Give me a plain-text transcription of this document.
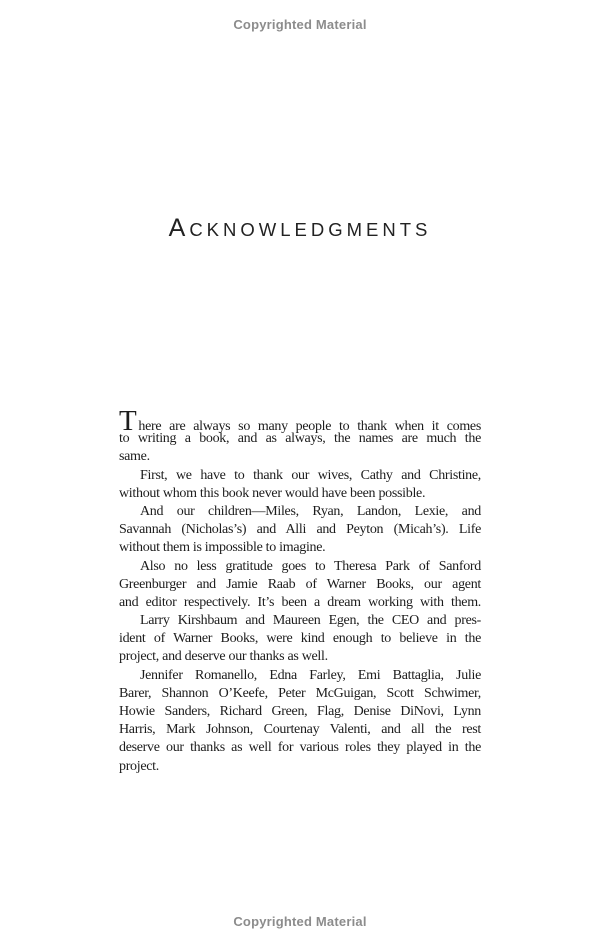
Copyrighted Material
ACKNOWLEDGMENTS
There are always so many people to thank when it comes
to writing a book, and as always, the names are much the
same.
First, we have to thank our wives, Cathy and Christine,
without whom this book never would have been possible.
And our children—Miles, Ryan, Landon, Lexie, and
Savannah (Nicholas’s) and Alli and Peyton (Micah’s). Life
without them is impossible to imagine.
Also no less gratitude goes to Theresa Park of Sanford
Greenburger and Jamie Raab of Warner Books, our agent
and editor respectively. It’s been a dream working with them.
Larry Kirshbaum and Maureen Egen, the CEO and pres-
ident of Warner Books, were kind enough to believe in the
project, and deserve our thanks as well.
Jennifer Romanello, Edna Farley, Emi Battaglia, Julie
Barer, Shannon O’Keefe, Peter McGuigan, Scott Schwimer,
Howie Sanders, Richard Green, Flag, Denise DiNovi, Lynn
Harris, Mark Johnson, Courtenay Valenti, and all the rest
deserve our thanks as well for various roles they played in the
project.
Copyrighted Material
